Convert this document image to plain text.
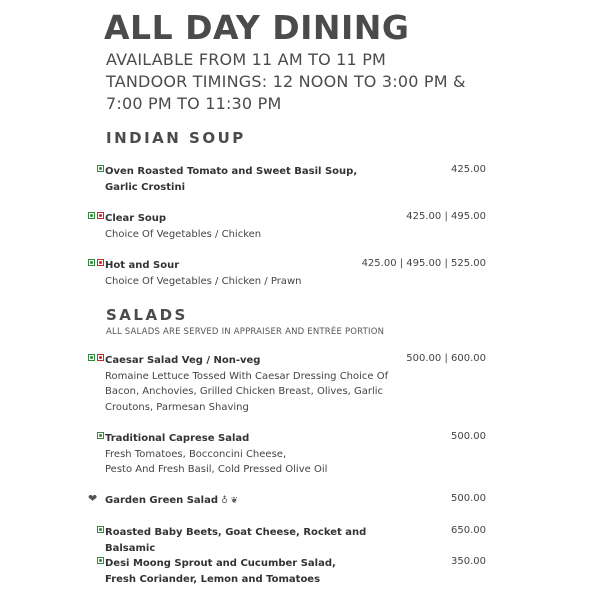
ALL DAY DINING
AVAILABLE FROM 11 AM TO 11 PM
TANDOOR TIMINGS: 12 NOON TO 3:00 PM &
7:00 PM TO 11:30 PM
INDIAN SOUP
Oven Roasted Tomato and Sweet Basil Soup,
Garlic Crostini
425.00
Clear Soup
Choice Of Vegetables / Chicken
425.00 | 495.00
Hot and Sour
Choice Of Vegetables / Chicken / Prawn
425.00 | 495.00 | 525.00
SALADS
ALL SALADS ARE SERVED IN APPRAISER AND ENTRÉE PORTION
Caesar Salad Veg / Non-veg
Romaine Lettuce Tossed With Caesar Dressing Choice Of
Bacon, Anchovies, Grilled Chicken Breast, Olives, Garlic
Croutons, Parmesan Shaving
500.00 | 600.00
Traditional Caprese Salad
Fresh Tomatoes, Bocconcini Cheese,
Pesto And Fresh Basil, Cold Pressed Olive Oil
500.00
❤ Garden Green Salad ♁ ❦	500.00
Roasted Baby Beets, Goat Cheese, Rocket and Balsamic
650.00
Desi Moong Sprout and Cucumber Salad,
Fresh Coriander, Lemon and Tomatoes
350.00
